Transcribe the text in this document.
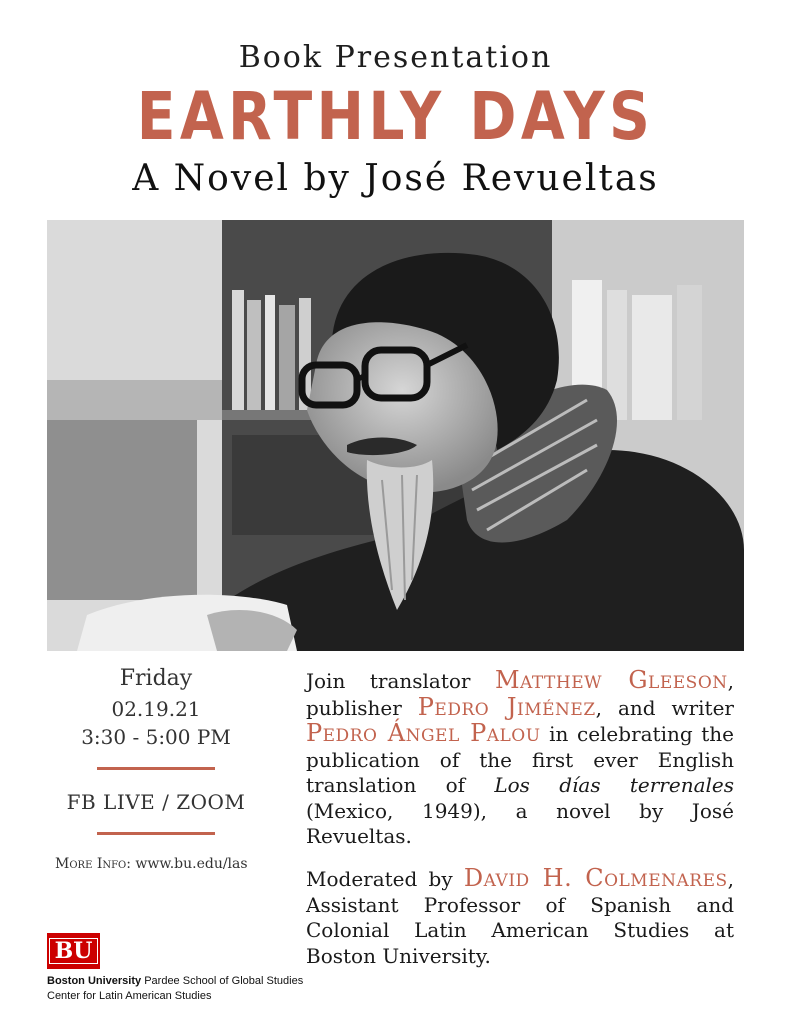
Book Presentation
EARTHLY DAYS
A Novel by José Revueltas
Friday
02.19.21
3:30 - 5:00 PM
FB LIVE / ZOOM
More Info: www.bu.edu/las
Join translator Matthew Gleeson, publisher Pedro Jiménez, and writer Pedro Ángel Palou in celebrating the publication of the first ever English translation of Los días terrenales (Mexico, 1949), a novel by José Revueltas.
Moderated by David H. Colmenares, Assistant Professor of Spanish and Colonial Latin American Studies at Boston University.
BU
Boston University Pardee School of Global Studies
Center for Latin American Studies
